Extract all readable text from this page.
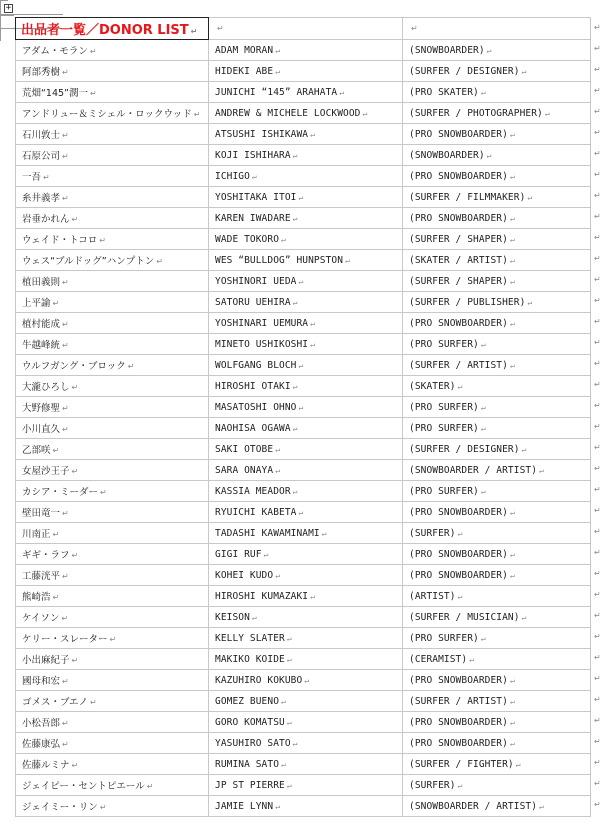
+
出品者一覧／DONOR LIST ↵	↵	↵
アダム・モラン ↵	ADAM MORAN ↵	(SNOWBOARDER) ↵
阿部秀樹 ↵	HIDEKI ABE ↵	(SURFER / DESIGNER) ↵
荒畑“145”潤一 ↵	JUNICHI “145” ARAHATA ↵	(PRO SKATER) ↵
アンドリュー＆ミシェル・ロックウッド ↵	ANDREW & MICHELE LOCKWOOD ↵	(SURFER / PHOTOGRAPHER) ↵
石川敦士 ↵	ATSUSHI ISHIKAWA ↵	(PRO SNOWBOARDER) ↵
石原公司 ↵	KOJI ISHIHARA ↵	(SNOWBOARDER) ↵
一吾 ↵	ICHIGO ↵	(PRO SNOWBOARDER) ↵
糸井義孝 ↵	YOSHITAKA ITOI ↵	(SURFER / FILMMAKER) ↵
岩垂かれん ↵	KAREN IWADARE ↵	(PRO SNOWBOARDER) ↵
ウェイド・トコロ ↵	WADE TOKORO ↵	(SURFER / SHAPER) ↵
ウェス“ブルドッグ”ハンプトン ↵	WES “BULLDOG” HUNPSTON ↵	(SKATER / ARTIST) ↵
植田義則 ↵	YOSHINORI UEDA ↵	(SURFER / SHAPER) ↵
上平諭 ↵	SATORU UEHIRA ↵	(SURFER / PUBLISHER) ↵
植村能成 ↵	YOSHINARI UEMURA ↵	(PRO SNOWBOARDER) ↵
牛越峰統 ↵	MINETO USHIKOSHI ↵	(PRO SURFER) ↵
ウルフガング・ブロック ↵	WOLFGANG BLOCH ↵	(SURFER / ARTIST) ↵
大瀧ひろし ↵	HIROSHI OTAKI ↵	(SKATER) ↵
大野修聖 ↵	MASATOSHI OHNO ↵	(PRO SURFER) ↵
小川直久 ↵	NAOHISA OGAWA ↵	(PRO SURFER) ↵
乙部咲 ↵	SAKI OTOBE ↵	(SURFER / DESIGNER) ↵
女屋沙王子 ↵	SARA ONAYA ↵	(SNOWBOARDER / ARTIST) ↵
カシア・ミーダー ↵	KASSIA MEADOR ↵	(PRO SURFER) ↵
壁田竜一 ↵	RYUICHI KABETA ↵	(PRO SNOWBOARDER) ↵
川南正 ↵	TADASHI KAWAMINAMI ↵	(SURFER) ↵
ギギ・ラフ ↵	GIGI RUF ↵	(PRO SNOWBOARDER) ↵
工藤洸平 ↵	KOHEI KUDO ↵	(PRO SNOWBOARDER) ↵
熊崎浩 ↵	HIROSHI KUMAZAKI ↵	(ARTIST) ↵
ケイソン ↵	KEISON ↵	(SURFER / MUSICIAN) ↵
ケリー・スレーター ↵	KELLY SLATER ↵	(PRO SURFER) ↵
小出麻紀子 ↵	MAKIKO KOIDE ↵	(CERAMIST) ↵
國母和宏 ↵	KAZUHIRO KOKUBO ↵	(PRO SNOWBOARDER) ↵
ゴメス・ブエノ ↵	GOMEZ BUENO ↵	(SURFER / ARTIST) ↵
小松吾郎 ↵	GORO KOMATSU ↵	(PRO SNOWBOARDER) ↵
佐藤康弘 ↵	YASUHIRO SATO ↵	(PRO SNOWBOARDER) ↵
佐藤ルミナ ↵	RUMINA SATO ↵	(SURFER / FIGHTER) ↵
ジェイピー・セントピエール ↵	JP ST PIERRE ↵	(SURFER) ↵
ジェイミー・リン ↵	JAMIE LYNN ↵	(SNOWBOARDER / ARTIST) ↵
↵
↵
↵
↵
↵
↵
↵
↵
↵
↵
↵
↵
↵
↵
↵
↵
↵
↵
↵
↵
↵
↵
↵
↵
↵
↵
↵
↵
↵
↵
↵
↵
↵
↵
↵
↵
↵
↵
